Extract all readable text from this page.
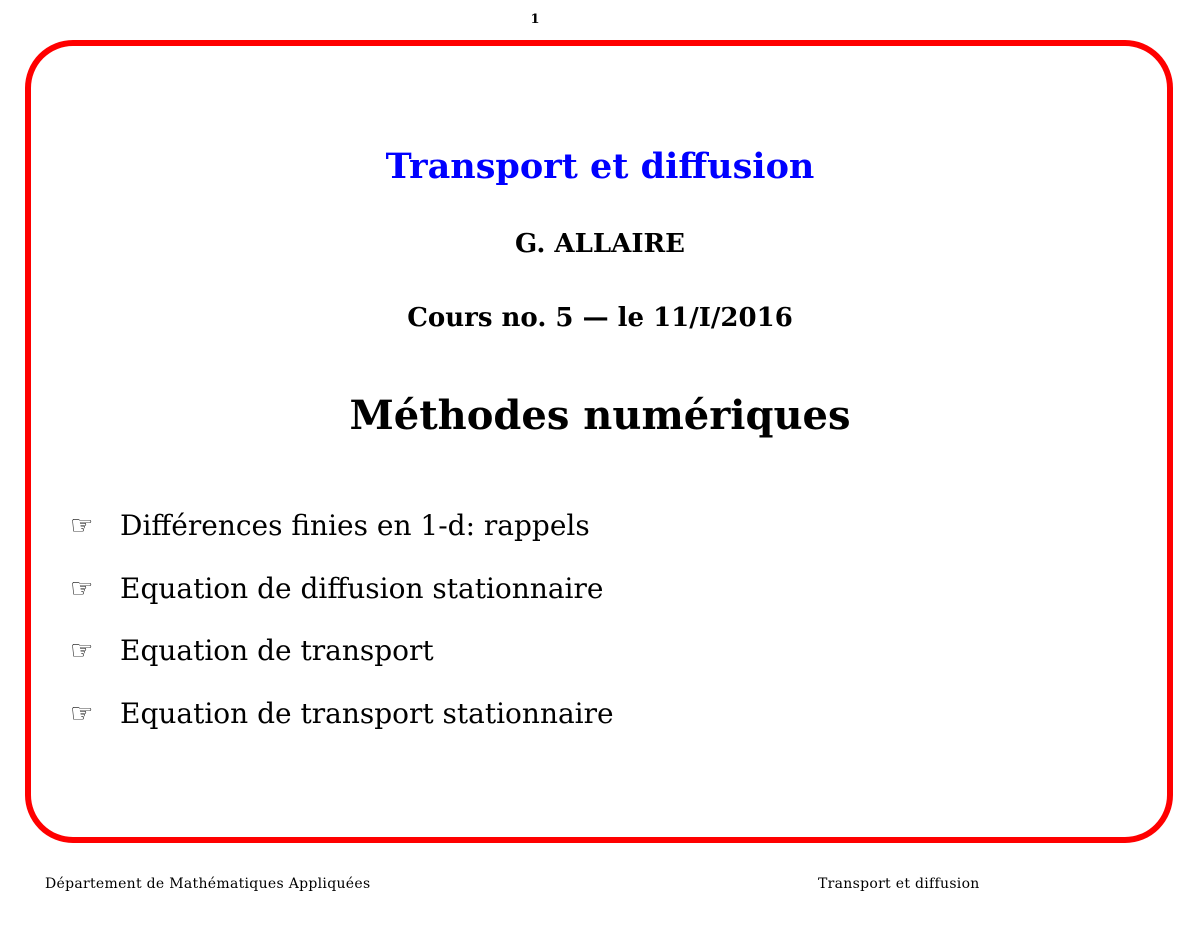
1
Transport et diffusion
G. ALLAIRE
Cours no. 5 — le 11/I/2016
Méthodes numériques
☞ Différences finies en 1-d: rappels
☞ Equation de diffusion stationnaire
☞ Equation de transport
☞ Equation de transport stationnaire
Département de Mathématiques Appliquées	Transport et diffusion
